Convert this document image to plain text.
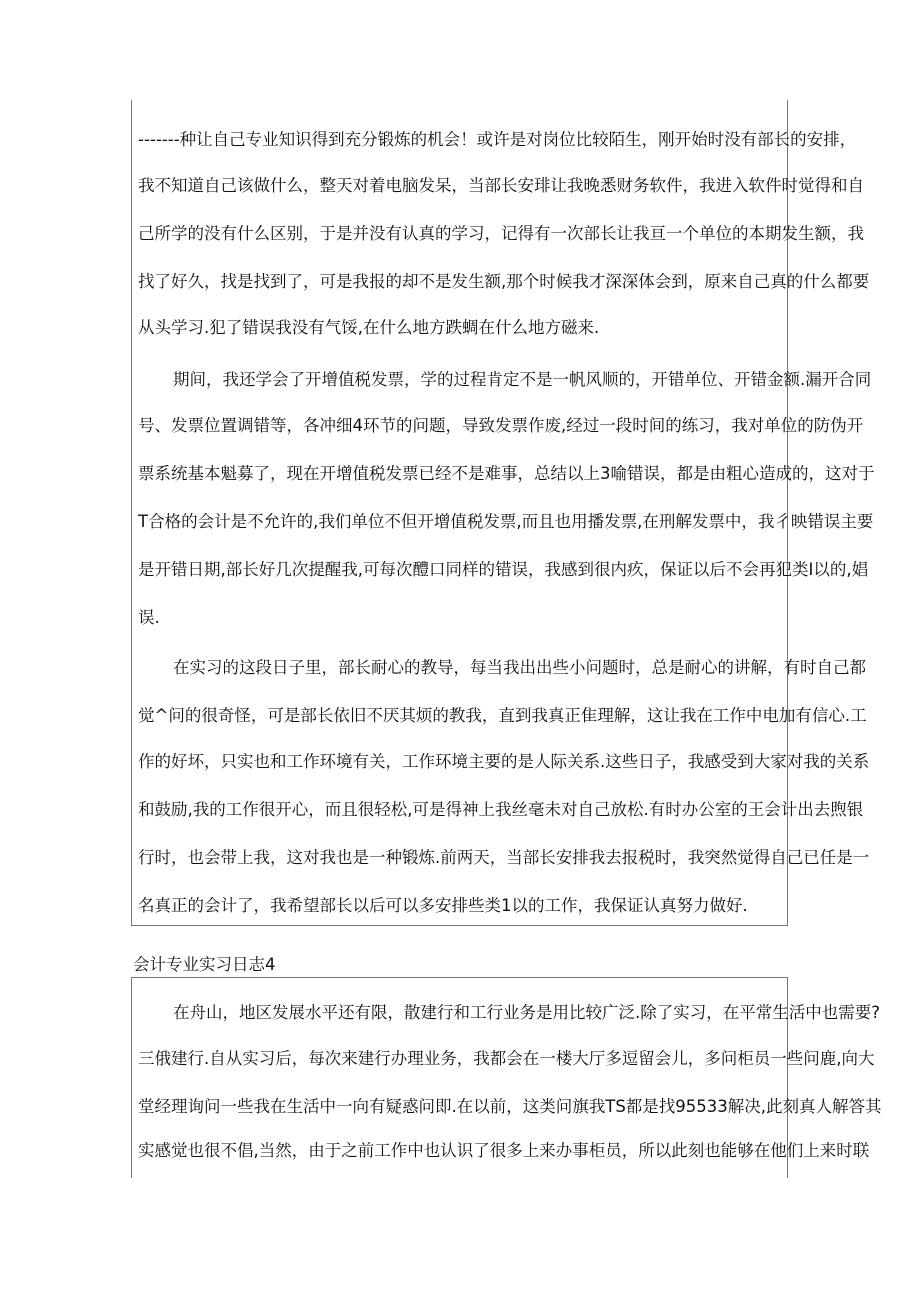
-------种让自己专业知识得到充分锻炼的机会！或许是对岗位比较陌生，刚开始时没有部长的安排，
我不知道自己该做什么，整天对着电脑发呆，当部长安琲让我晚悉财务软件，我进入软件时觉得和自
己所学的没有什么区别，于是并没有认真的学习，记得有一次部长让我亘一个单位的本期发生额，我
找了好久，找是找到了，可是我报的却不是发生额,那个时候我才深深体会到，原来自己真的什么都要
从头学习.犯了错误我没有气馁,在什么地方跌蜩在什么地方磁来.
期间，我还学会了开增值税发票，学的过程肯定不是一帆风顺的，开错单位、开错金额.漏开合同
号、发票位置调错等，各冲细4环节的问题，导致发票作废,经过一段时间的练习，我对单位的防伪开
票系统基本魁募了，现在开增值税发票已经不是难事，总结以上3喻错误，都是由粗心造成的，这对于
T合格的会计是不允许的,我们单位不但开增值税发票,而且也用播发票,在刑解发票中，我彳映错误主要
是开错日期,部长好几次提醒我,可每次醴口同样的错误，我感到很内疚，保证以后不会再犯类I以的,娼
误.
在实习的这段日子里，部长耐心的教导，每当我出出些小问题时，总是耐心的讲解，有时自己都
觉^问的很奇怪，可是部长依旧不厌其烦的教我，直到我真正隹理解，这让我在工作中电加有信心.工
作的好坏，只实也和工作环境有关，工作环境主要的是人际关系.这些日子，我感受到大家对我的关系
和鼓励,我的工作很开心，而且很轻松,可是得神上我丝毫未对自己放松.有时办公室的王会计出去煦银
行时，也会带上我，这对我也是一种锻炼.前两天，当部长安排我去报税时，我突然觉得自己已任是一
名真正的会计了，我希望部长以后可以多安排些类1以的工作，我保证认真努力做好.
会计专业实习日志4
在舟山，地区发展水平还有限，散建行和工行业务是用比较广泛.除了实习，在平常生活中也需要?
三俄建行.自从实习后，每次来建行办理业务，我都会在一楼大厅多逗留会儿，多问柜员一些问鹿,向大
堂经理询问一些我在生活中一向有疑惑问即.在以前，这类问旗我TS都是找95533解决,此刻真人解答其
实感觉也很不倡,当然，由于之前工作中也认识了很多上来办事柜员，所以此刻也能够在他们上来时联
